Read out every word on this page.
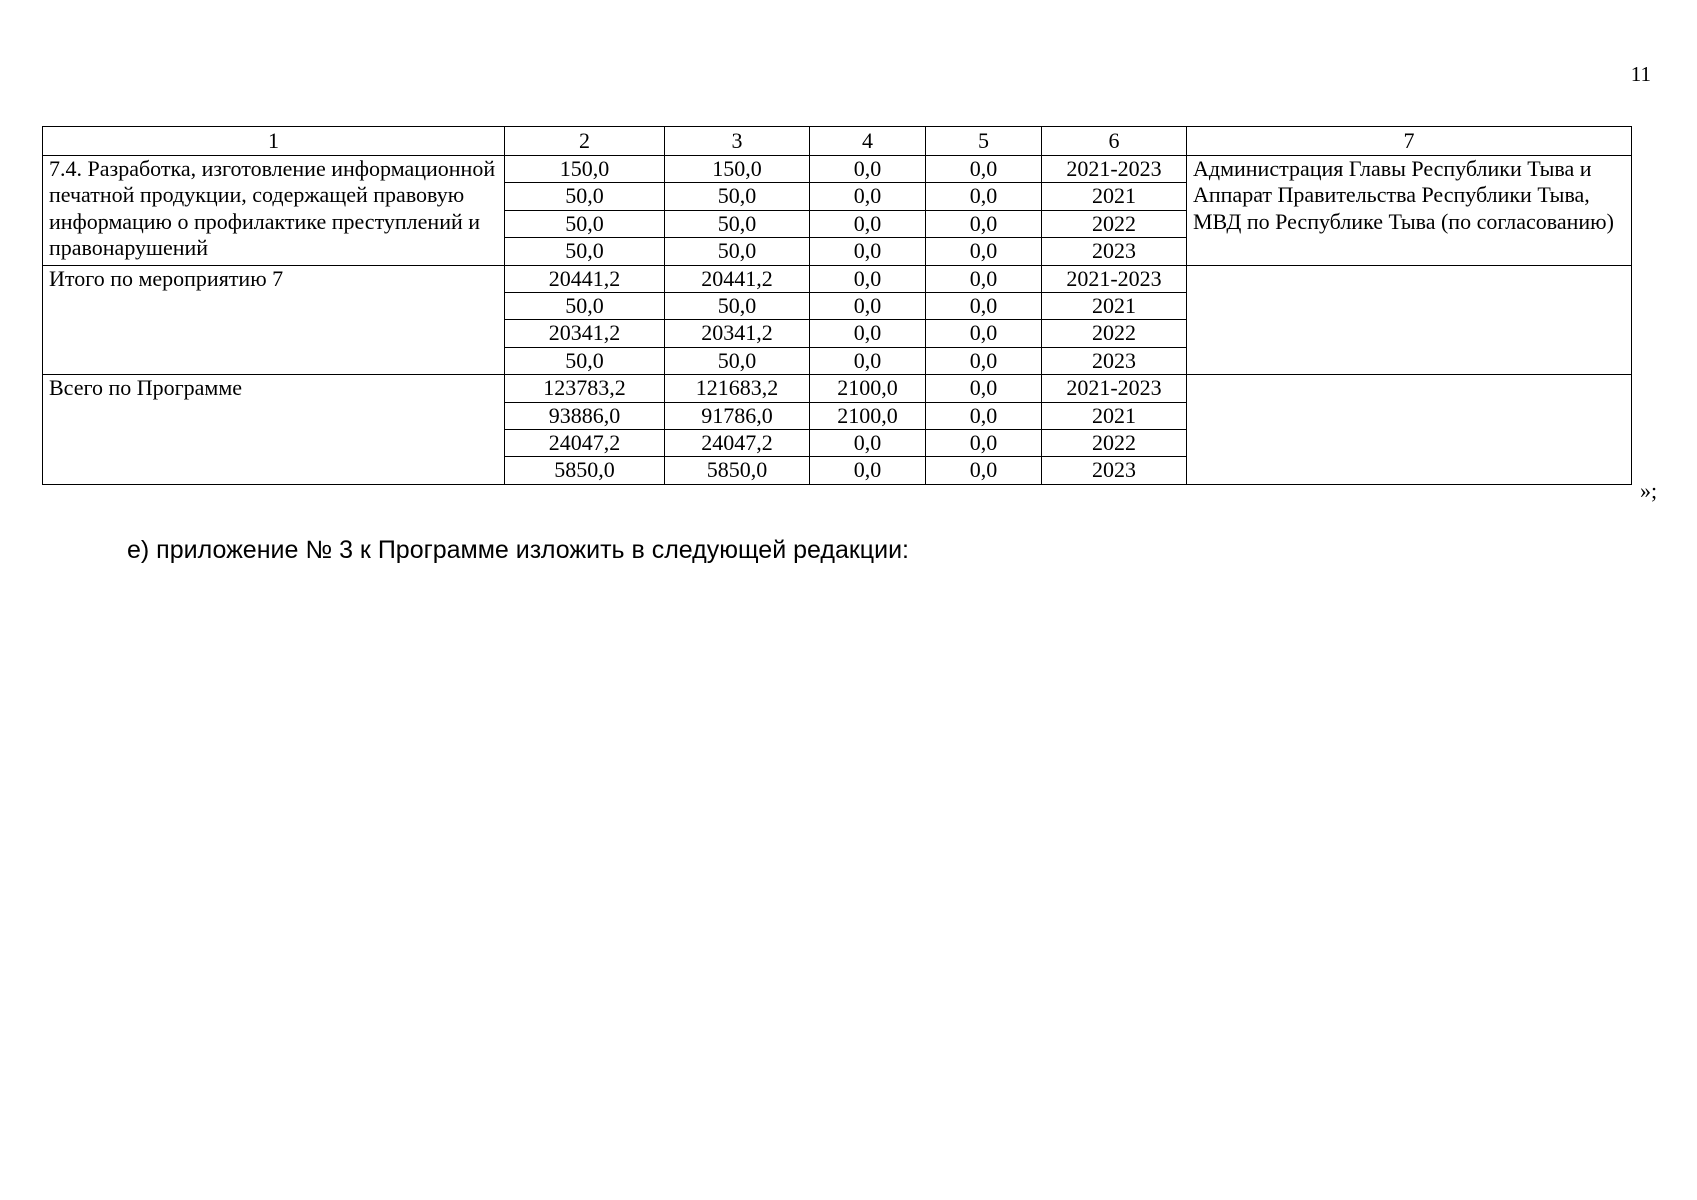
11
1	2	3	4	5	6	7
7.4. Разработка, изготовление информационной печатной продукции, содержащей правовую информацию о профилактике преступлений и правонарушений	150,0	150,0	0,0	0,0	2021-2023	Администрация Главы Республики Тыва и Аппарат Правительства Республики Тыва, МВД по Республике Тыва (по согласованию)
	50,0	50,0	0,0	0,0	2021	
	50,0	50,0	0,0	0,0	2022	
	50,0	50,0	0,0	0,0	2023	
Итого по мероприятию 7	20441,2	20441,2	0,0	0,0	2021-2023	
	50,0	50,0	0,0	0,0	2021	
	20341,2	20341,2	0,0	0,0	2022	
	50,0	50,0	0,0	0,0	2023	
Всего по Программе	123783,2	121683,2	2100,0	0,0	2021-2023	
	93886,0	91786,0	2100,0	0,0	2021	
	24047,2	24047,2	0,0	0,0	2022	
	5850,0	5850,0	0,0	0,0	2023	
»;
е) приложение № 3 к Программе изложить в следующей редакции:
